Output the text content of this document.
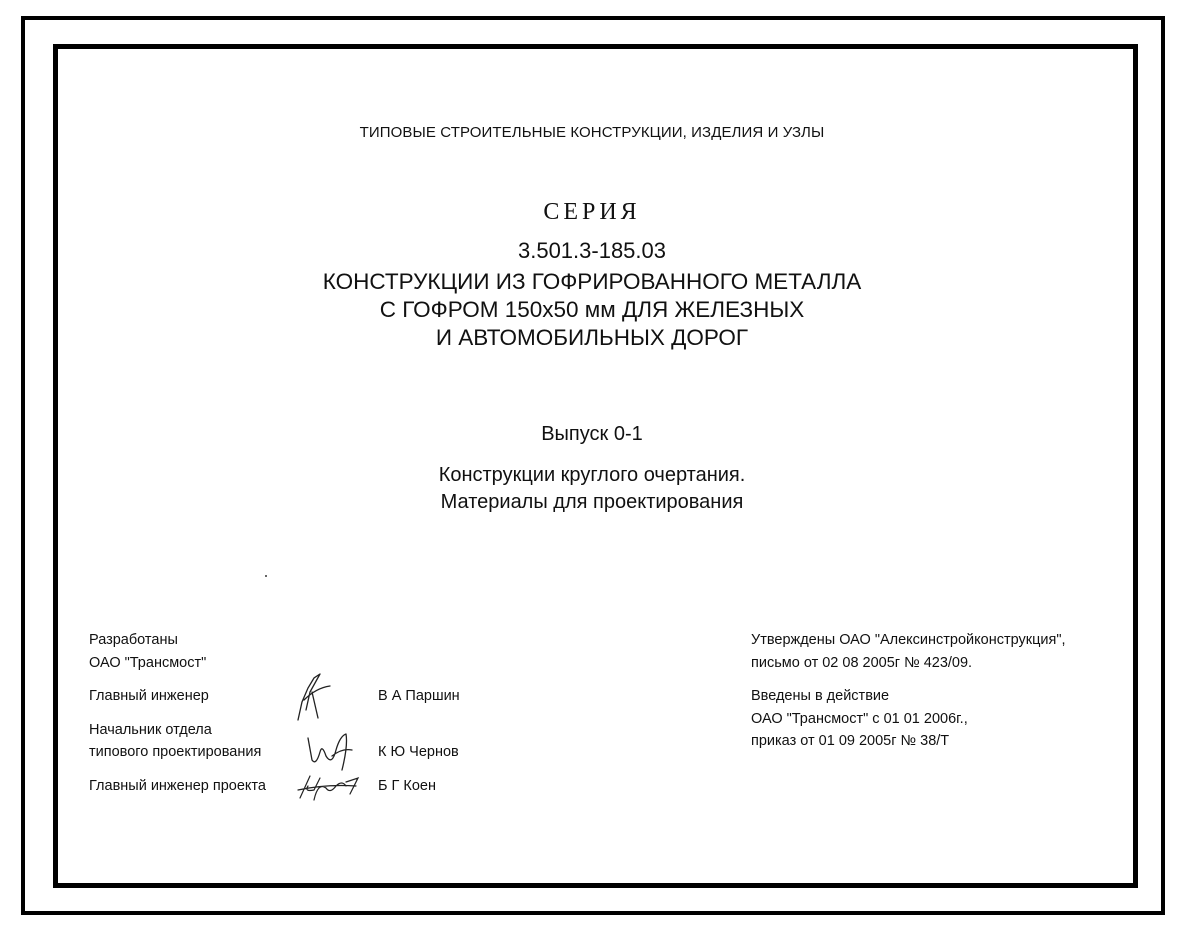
ТИПОВЫЕ СТРОИТЕЛЬНЫЕ КОНСТРУКЦИИ, ИЗДЕЛИЯ И УЗЛЫ
СЕРИЯ
3.501.3-185.03
КОНСТРУКЦИИ ИЗ ГОФРИРОВАННОГО МЕТАЛЛА
С ГОФРОМ 150х50 мм ДЛЯ ЖЕЛЕЗНЫХ
И АВТОМОБИЛЬНЫХ ДОРОГ
Выпуск 0-1
Конструкции круглого очертания.
Материалы для проектирования
Разработаны
ОАО "Трансмост"
Главный инженер	В А Паршин
Начальник отдела
типового проектирования	К Ю Чернов
Главный инженер проекта	Б Г Коен
Утверждены ОАО "Алексинстройконструкция",
письмо от 02 08 2005г № 423/09.
Введены в действие
ОАО "Трансмост" с 01 01 2006г.,
приказ от 01 09 2005г № 38/Т
